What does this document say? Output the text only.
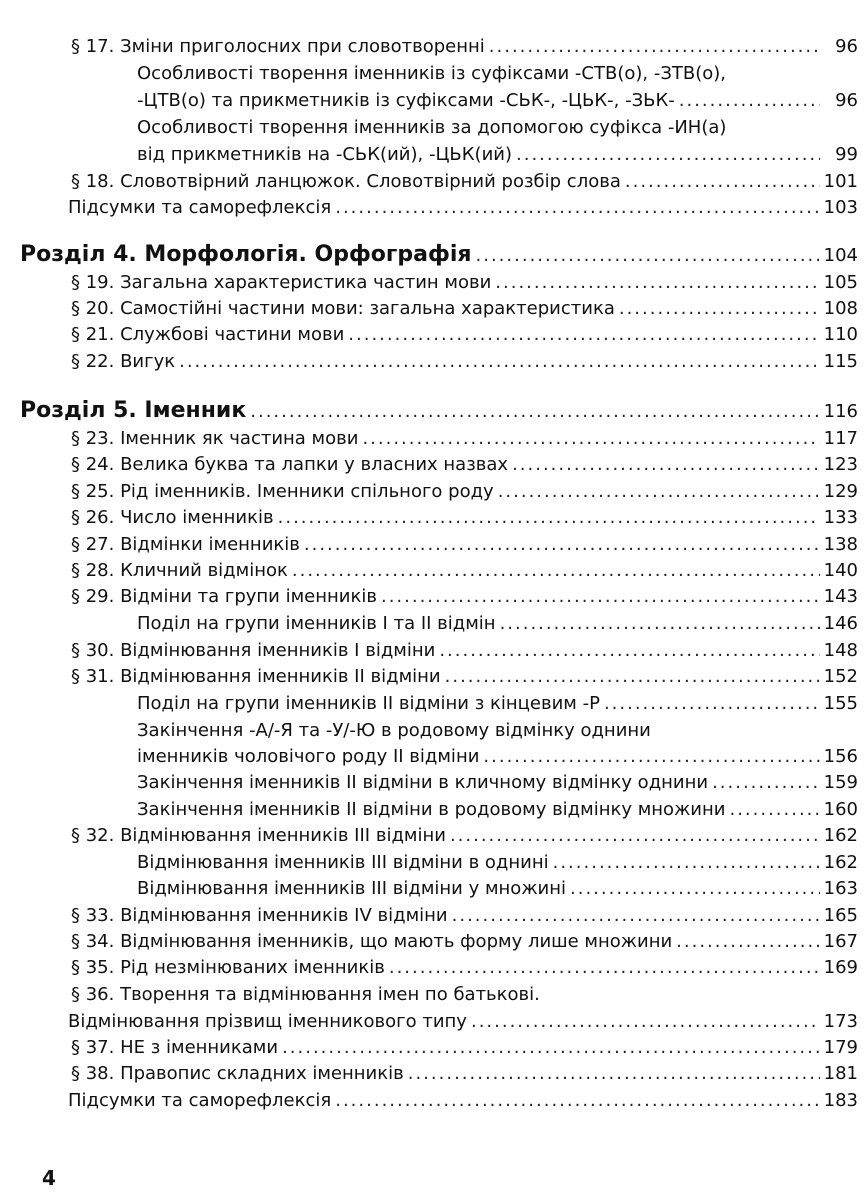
§ 17. Зміни приголосних при словотворенні .....	96
Особливості творення іменників із суфіксами -СТВ(о), -ЗТВ(о),
-ЦТВ(о) та прикметників із суфіксами -СЬК-, -ЦЬК-, -ЗЬК- .....	96
Особливості творення іменників за допомогою суфікса -ИН(а)
від прикметників на -СЬК(ий), -ЦЬК(ий) .....	99
§ 18. Словотвірний ланцюжок. Словотвірний розбір слова .....	101
Підсумки та саморефлексія .....	103
Розділ 4. Морфологія. Орфографія .....	104
§ 19. Загальна характеристика частин мови .....	105
§ 20. Самостійні частини мови: загальна характеристика .....	108
§ 21. Службові частини мови .....	110
§ 22. Вигук .....	115
Розділ 5. Іменник .....	116
§ 23. Іменник як частина мови .....	117
§ 24. Велика буква та лапки у власних назвах .....	123
§ 25. Рід іменників. Іменники спільного роду .....	129
§ 26. Число іменників .....	133
§ 27. Відмінки іменників .....	138
§ 28. Кличний відмінок .....	140
§ 29. Відміни та групи іменників .....	143
Поділ на групи іменників І та ІІ відмін .....	146
§ 30. Відмінювання іменників І відміни .....	148
§ 31. Відмінювання іменників ІІ відміни .....	152
Поділ на групи іменників ІІ відміни з кінцевим -Р .....	155
Закінчення -А/-Я та -У/-Ю в родовому відмінку однини
іменників чоловічого роду ІІ відміни .....	156
Закінчення іменників ІІ відміни в кличному відмінку однини .....	159
Закінчення іменників ІІ відміни в родовому відмінку множини .....	160
§ 32. Відмінювання іменників ІІІ відміни .....	162
Відмінювання іменників ІІІ відміни в однині .....	162
Відмінювання іменників ІІІ відміни у множині .....	163
§ 33. Відмінювання іменників IV відміни .....	165
§ 34. Відмінювання іменників, що мають форму лише множини .....	167
§ 35. Рід незмінюваних іменників .....	169
§ 36. Творення та відмінювання імен по батькові.
Відмінювання прізвищ іменникового типу .....	173
§ 37. НЕ з іменниками .....	179
§ 38. Правопис складних іменників .....	181
Підсумки та саморефлексія .....	183
4
